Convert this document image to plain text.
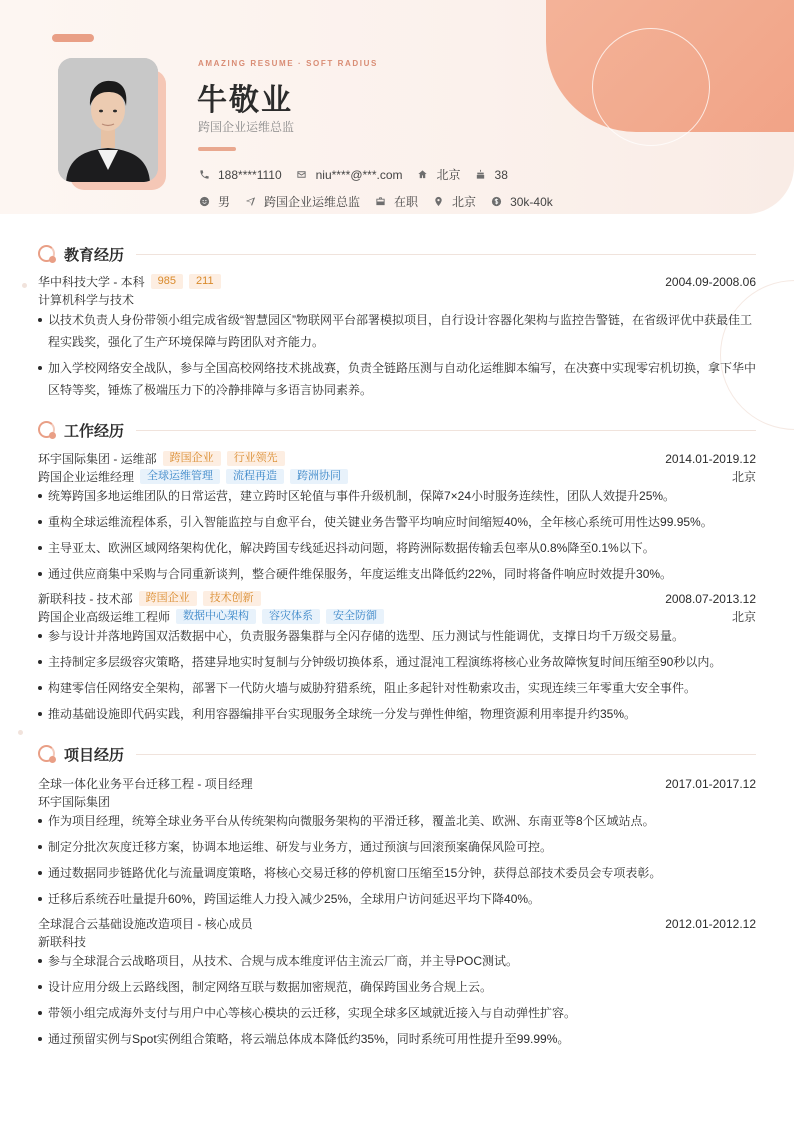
AMAZING RESUME · SOFT RADIUS
牛敬业
跨国企业运维总监
188****1110	niu****@***.com	北京	38
男	跨国企业运维总监	在职	北京	30k-40k
教育经历
华中科技大学 - 本科	985	211	2004.09-2008.06
计算机科学与技术
以技术负责人身份带领小组完成省级“智慧园区”物联网平台部署模拟项目，自行设计容器化架构与监控告警链，在省级评优中获最佳工程实践奖，强化了生产环境保障与跨团队对齐能力。
加入学校网络安全战队，参与全国高校网络技术挑战赛，负责全链路压测与自动化运维脚本编写，在决赛中实现零宕机切换，拿下华中区特等奖，锤炼了极端压力下的冷静排障与多语言协同素养。
工作经历
环宇国际集团 - 运维部	跨国企业	行业领先	2014.01-2019.12
跨国企业运维经理	全球运维管理	流程再造	跨洲协同	北京
统筹跨国多地运维团队的日常运营，建立跨时区轮值与事件升级机制，保障7×24小时服务连续性，团队人效提升25%。
重构全球运维流程体系，引入智能监控与自愈平台，使关键业务告警平均响应时间缩短40%，全年核心系统可用性达99.95%。
主导亚太、欧洲区域网络架构优化，解决跨国专线延迟抖动问题，将跨洲际数据传输丢包率从0.8%降至0.1%以下。
通过供应商集中采购与合同重新谈判，整合硬件维保服务，年度运维支出降低约22%，同时将备件响应时效提升30%。
新联科技 - 技术部	跨国企业	技术创新	2008.07-2013.12
跨国企业高级运维工程师	数据中心架构	容灾体系	安全防御	北京
参与设计并落地跨国双活数据中心，负责服务器集群与全闪存储的选型、压力测试与性能调优，支撑日均千万级交易量。
主持制定多层级容灾策略，搭建异地实时复制与分钟级切换体系，通过混沌工程演练将核心业务故障恢复时间压缩至90秒以内。
构建零信任网络安全架构，部署下一代防火墙与威胁狩猎系统，阻止多起针对性勒索攻击，实现连续三年零重大安全事件。
推动基础设施即代码实践，利用容器编排平台实现服务全球统一分发与弹性伸缩，物理资源利用率提升约35%。
项目经历
全球一体化业务平台迁移工程 - 项目经理	2017.01-2017.12
环宇国际集团
作为项目经理，统筹全球业务平台从传统架构向微服务架构的平滑迁移，覆盖北美、欧洲、东南亚等8个区域站点。
制定分批次灰度迁移方案，协调本地运维、研发与业务方，通过预演与回滚预案确保风险可控。
通过数据同步链路优化与流量调度策略，将核心交易迁移的停机窗口压缩至15分钟，获得总部技术委员会专项表彰。
迁移后系统吞吐量提升60%，跨国运维人力投入减少25%，全球用户访问延迟平均下降40%。
全球混合云基础设施改造项目 - 核心成员	2012.01-2012.12
新联科技
参与全球混合云战略项目，从技术、合规与成本维度评估主流云厂商，并主导POC测试。
设计应用分级上云路线图，制定网络互联与数据加密规范，确保跨国业务合规上云。
带领小组完成海外支付与用户中心等核心模块的云迁移，实现全球多区域就近接入与自动弹性扩容。
通过预留实例与Spot实例组合策略，将云端总体成本降低约35%，同时系统可用性提升至99.99%。
